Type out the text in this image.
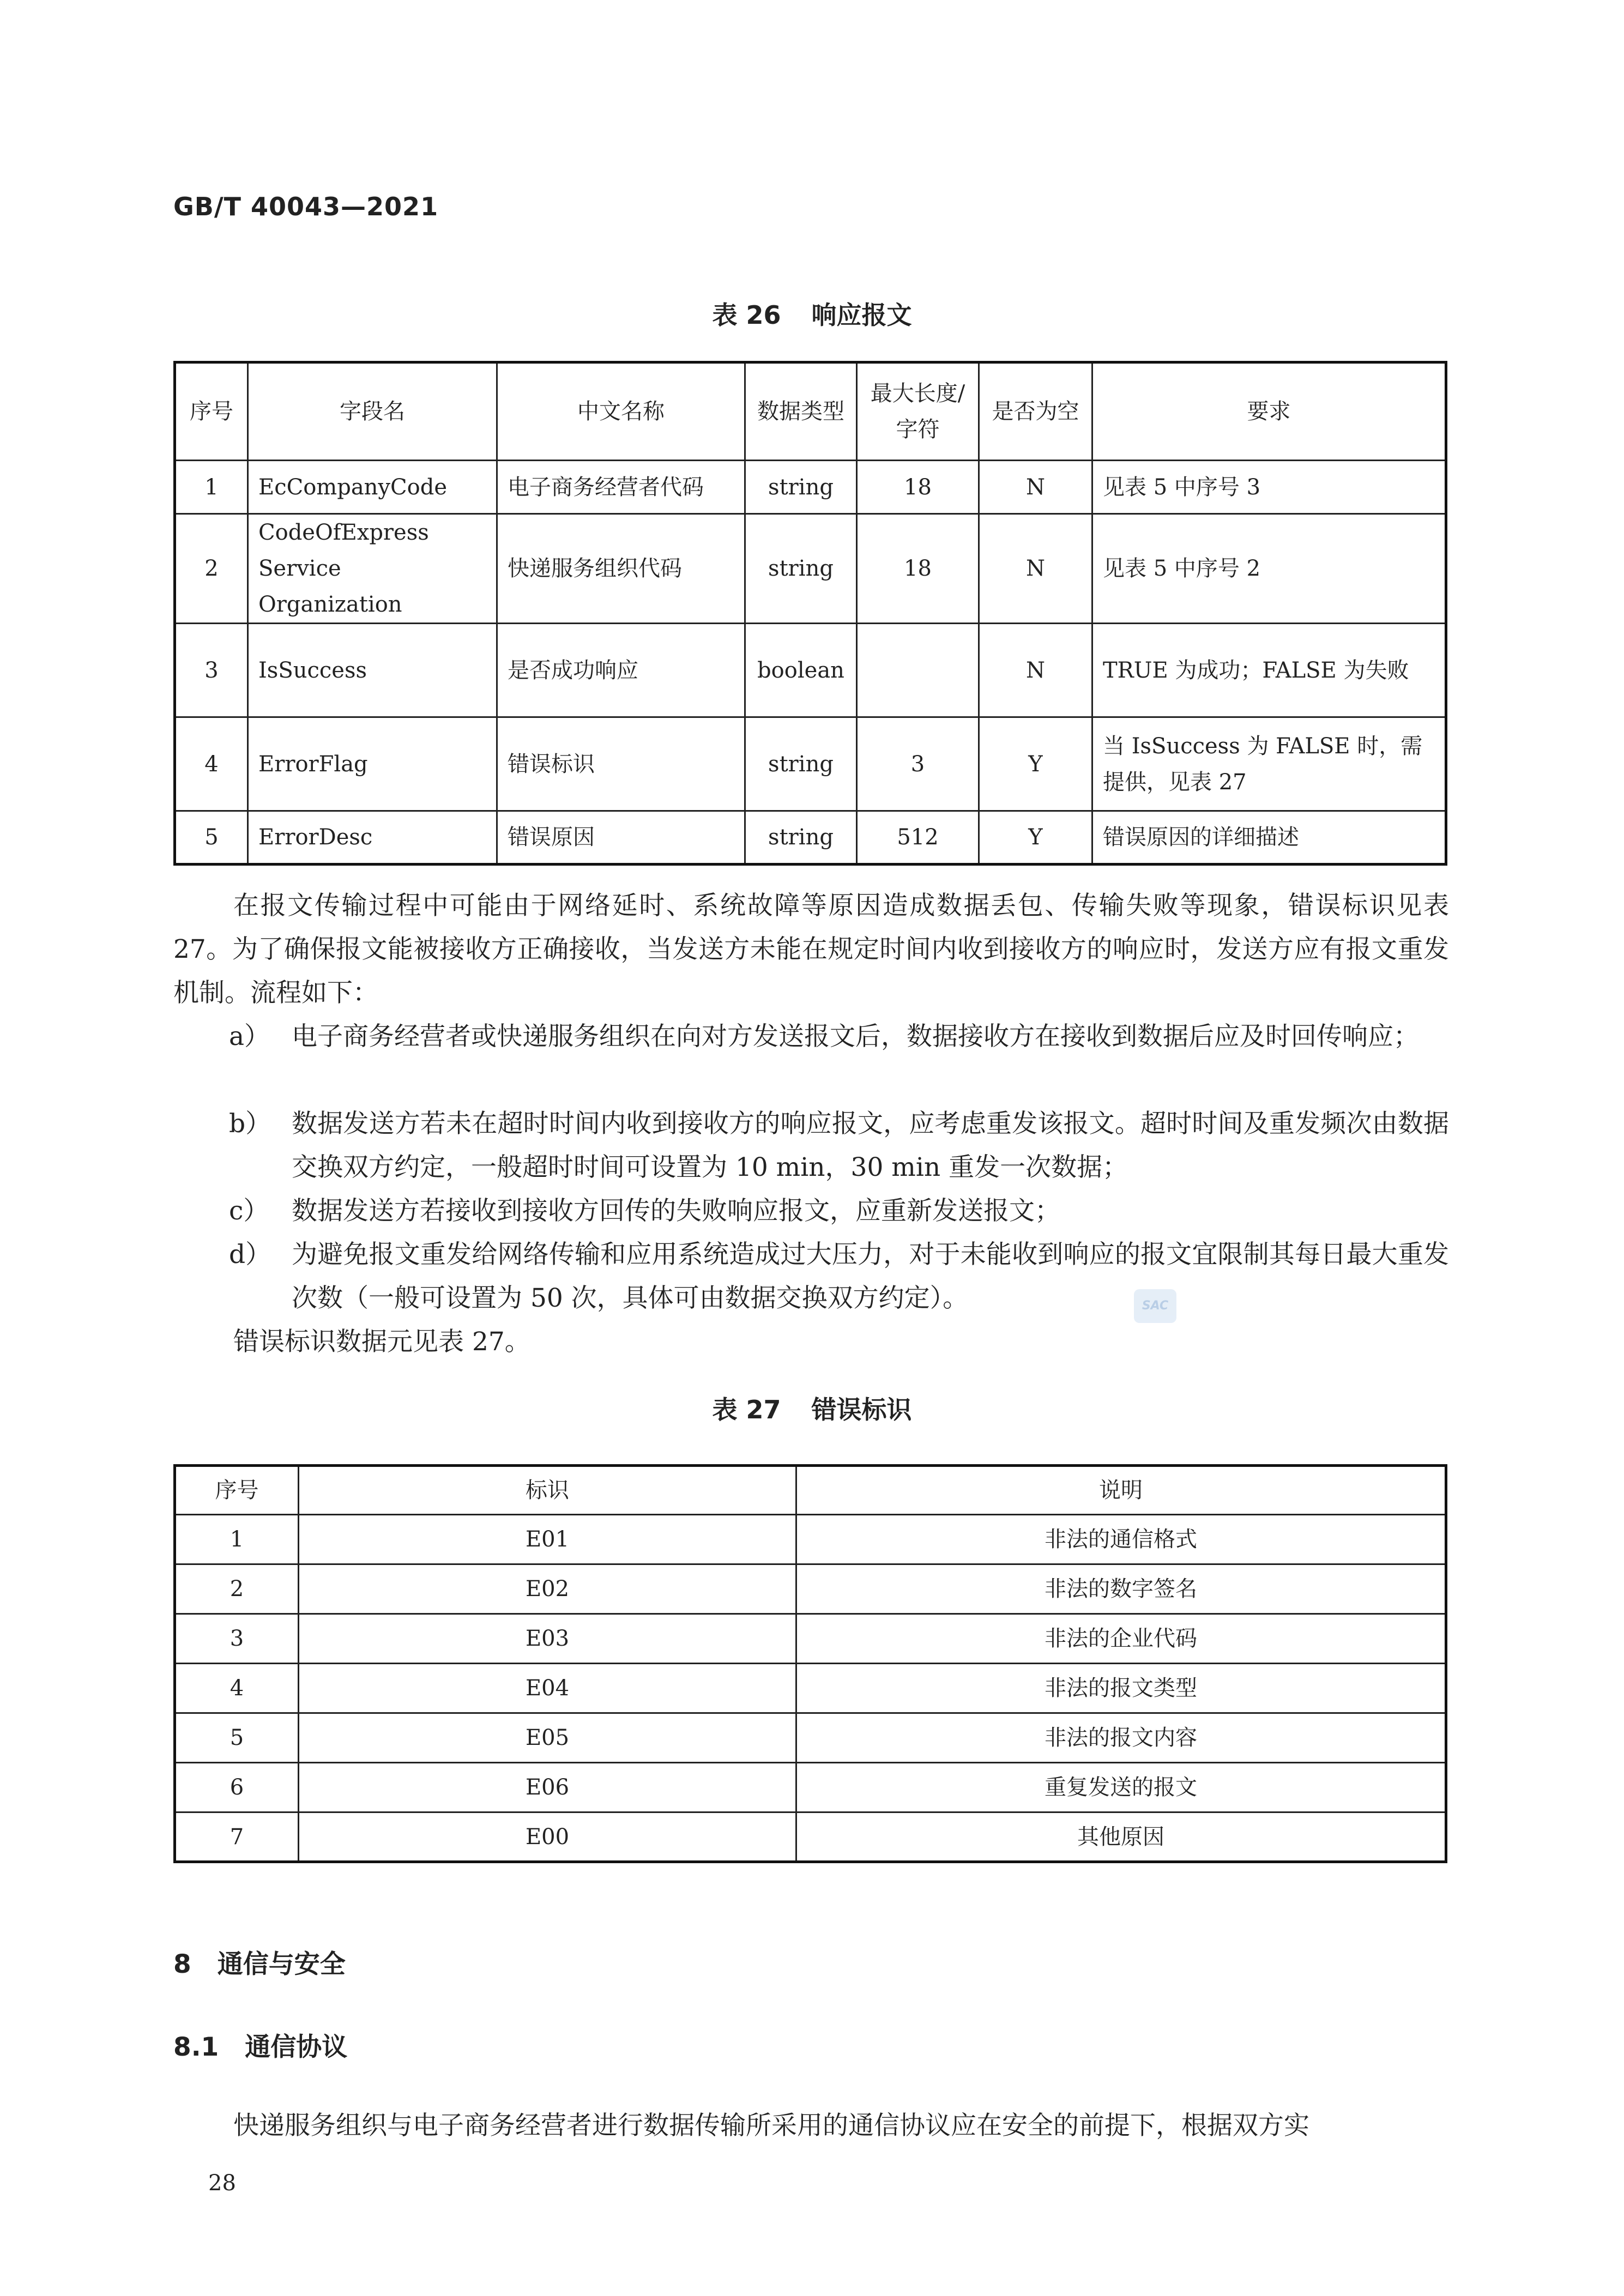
GB/T 40043—2021
表 26 响应报文
序号	字段名	中文名称	数据类型	最大长度/字符	是否为空	要求
1	EcCompanyCode	电子商务经营者代码	string	18	N	见表 5 中序号 3
2	CodeOfExpress Service Organization	快递服务组织代码	string	18	N	见表 5 中序号 2
3	IsSuccess	是否成功响应	boolean		N	TRUE 为成功；FALSE 为失败
4	ErrorFlag	错误标识	string	3	Y	当 IsSuccess 为 FALSE 时，需提供，见表 27
5	ErrorDesc	错误原因	string	512	Y	错误原因的详细描述
在报文传输过程中可能由于网络延时、系统故障等原因造成数据丢包、传输失败等现象，错误标识见表 27。为了确保报文能被接收方正确接收，当发送方未能在规定时间内收到接收方的响应时，发送方应有报文重发机制。流程如下：
a） 电子商务经营者或快递服务组织在向对方发送报文后，数据接收方在接收到数据后应及时回传响应；
b） 数据发送方若未在超时时间内收到接收方的响应报文，应考虑重发该报文。超时时间及重发频次由数据交换双方约定，一般超时时间可设置为 10 min，30 min 重发一次数据；
c） 数据发送方若接收到接收方回传的失败响应报文，应重新发送报文；
d） 为避免报文重发给网络传输和应用系统造成过大压力，对于未能收到响应的报文宜限制其每日最大重发次数（一般可设置为 50 次，具体可由数据交换双方约定）。	SAC
错误标识数据元见表 27。
表 27 错误标识
序号	标识	说明
1	E01	非法的通信格式
2	E02	非法的数字签名
3	E03	非法的企业代码
4	E04	非法的报文类型
5	E05	非法的报文内容
6	E06	重复发送的报文
7	E00	其他原因
8 通信与安全
8.1 通信协议
快递服务组织与电子商务经营者进行数据传输所采用的通信协议应在安全的前提下，根据双方实
28
